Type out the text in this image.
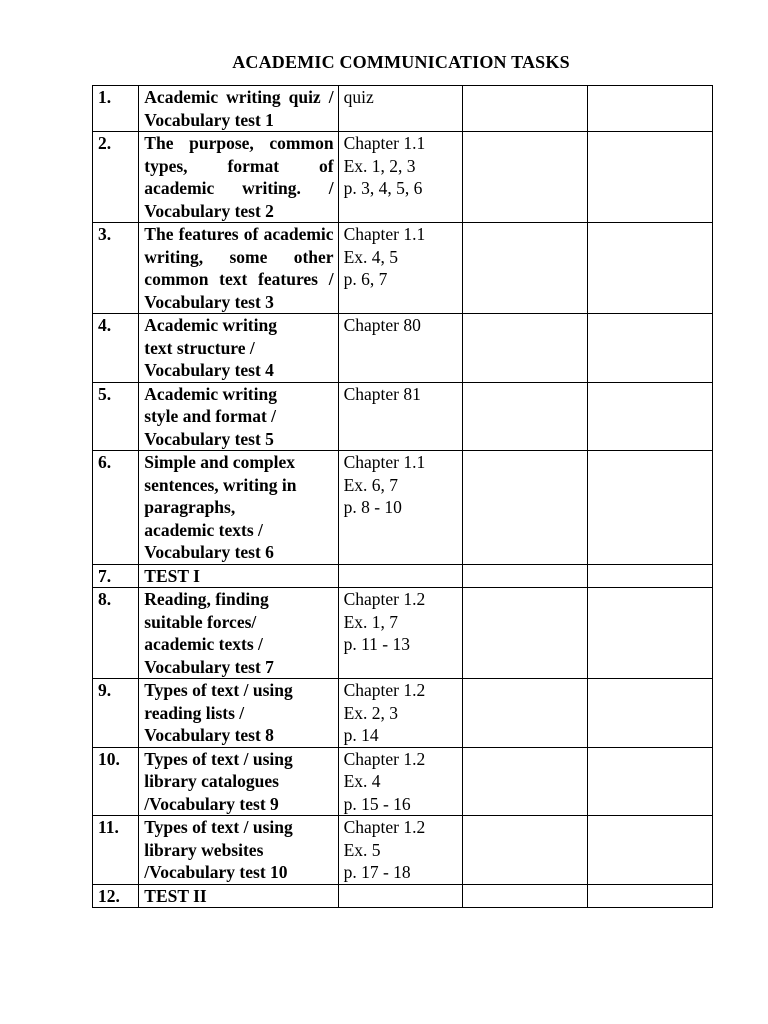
ACADEMIC COMMUNICATION TASKS
1.	Academic writing quiz / Vocabulary test 1	quiz		

2.	The purpose, common types, format of academic writing. / Vocabulary test 2	Chapter 1.1
Ex. 1, 2, 3
p. 3, 4, 5, 6		

3.	The features of academic writing, some other common text features / Vocabulary test 3	Chapter 1.1
Ex. 4, 5
p. 6, 7		

4.	Academic writing
text structure /
Vocabulary test 4	Chapter 80		

5.	Academic writing
style and format /
Vocabulary test 5	Chapter 81		

6.	Simple and complex
sentences, writing in
paragraphs,
academic texts /
Vocabulary test 6	Chapter 1.1
Ex. 6, 7
p. 8 - 10		

7.	TEST I			

8.	Reading, finding
suitable forces/
academic texts /
Vocabulary test 7	Chapter 1.2
Ex. 1, 7
p. 11 - 13		

9.	Types of text / using
reading lists /
Vocabulary test 8	Chapter 1.2
Ex. 2, 3
p. 14		

10.	Types of text / using
library catalogues
/Vocabulary test 9	Chapter 1.2
Ex. 4
p. 15 - 16		

11.	Types of text / using
library websites
/Vocabulary test 10	Chapter 1.2
Ex. 5
p. 17 - 18		

12.	TEST II			
